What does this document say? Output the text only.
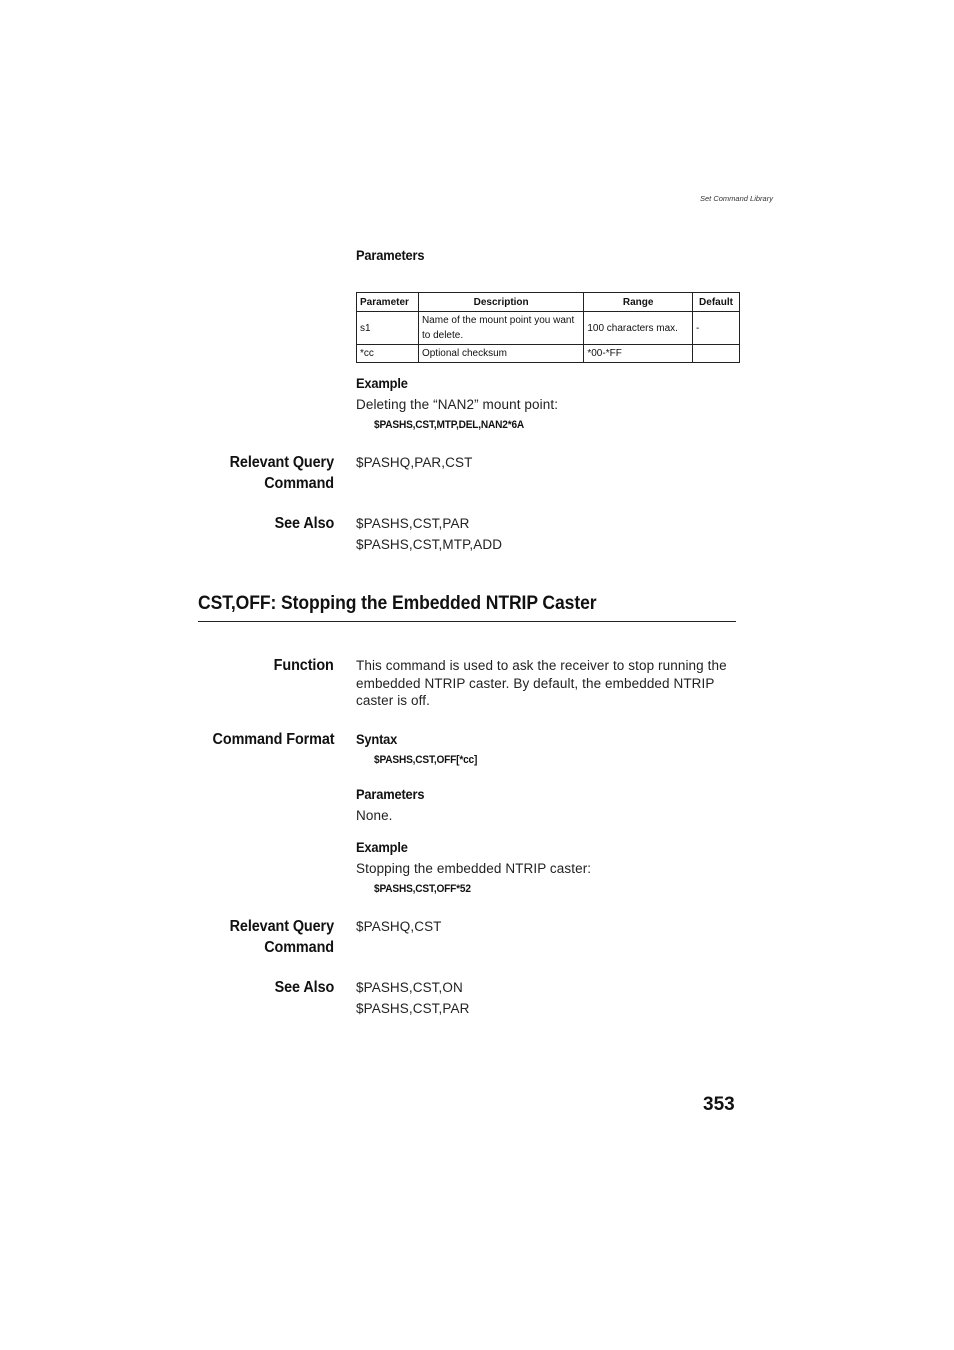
Set Command Library
Parameters
Parameter	Description	Range	Default
s1	Name of the mount point you want to delete.	100 characters max.	-
*cc	Optional checksum	*00-*FF	
Example
Deleting the “NAN2” mount point:
$PASHS,CST,MTP,DEL,NAN2*6A
Relevant Query
Command
$PASHQ,PAR,CST
See Also $PASHS,CST,PAR
$PASHS,CST,MTP,ADD
CST,OFF: Stopping the Embedded NTRIP Caster
Function This command is used to ask the receiver to stop running the embedded NTRIP caster. By default, the embedded NTRIP caster is off.
Command Format Syntax
$PASHS,CST,OFF[*cc]
Parameters
None.
Example
Stopping the embedded NTRIP caster:
$PASHS,CST,OFF*52
Relevant Query
Command
$PASHQ,CST
See Also $PASHS,CST,ON
$PASHS,CST,PAR
353
